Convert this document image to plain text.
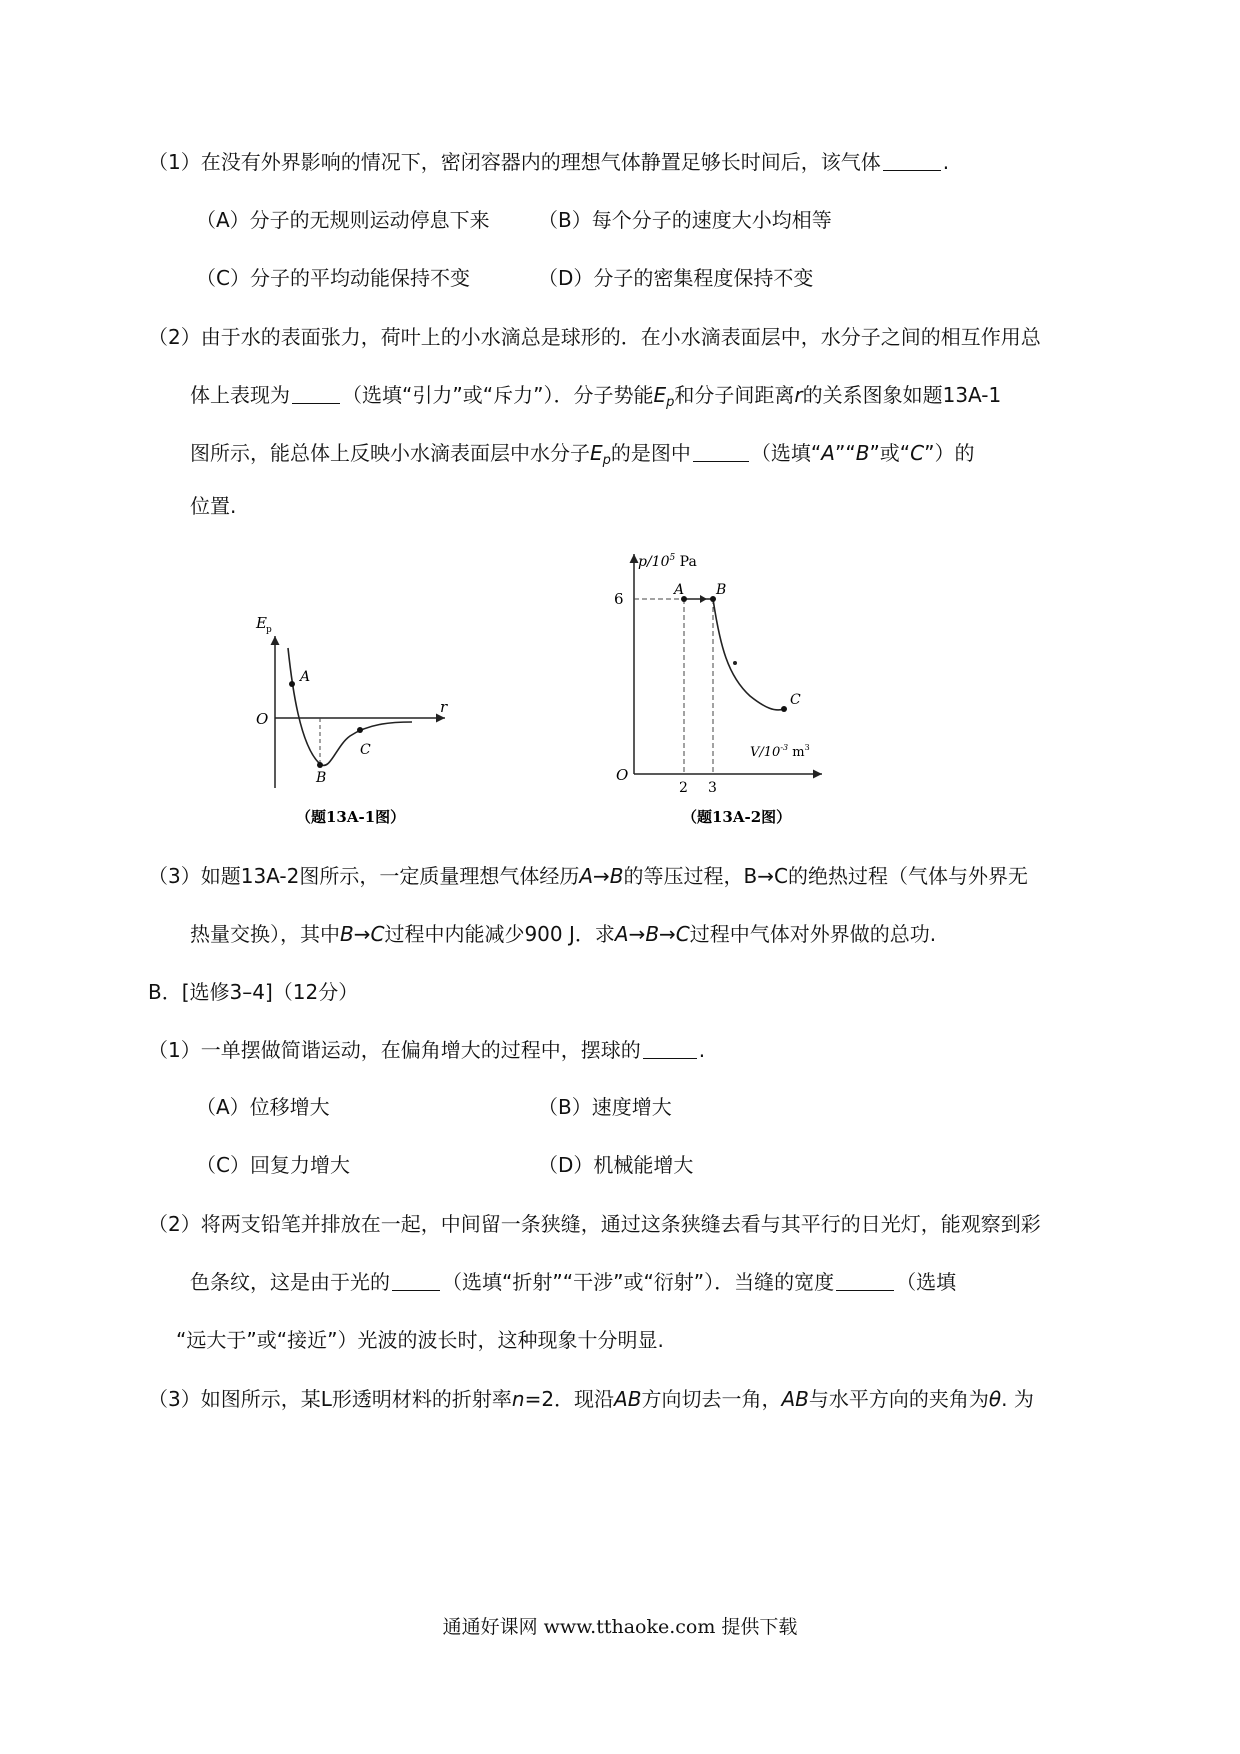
（1）在没有外界影响的情况下，密闭容器内的理想气体静置足够长时间后，该气体	.
（A）分子的无规则运动停息下来 （B）每个分子的速度大小均相等
（C）分子的平均动能保持不变	（D）分子的密集程度保持不变
（2）由于水的表面张力，荷叶上的小水滴总是球形的．在小水滴表面层中，水分子之间的相互作用总
体上表现为	（选填“引力”或“斥力”）．分子势能$E_p$和分子间距离r的关系图象如题13A-1
图所示，能总体上反映小水滴表面层中水分子$E_p$的是图中	（选填“A”“B”或“C”）的
位置.
E p
r
O
A
B
C
（题13A-1图）
$p/10^5$ Pa
6	A B
C
$V/10^{-3}$ $m^3$
O
2 3
（题13A-2图）
（3）如题13A-2图所示，一定质量理想气体经历A→B的等压过程，B→C的绝热过程（气体与外界无
热量交换），其中B→C过程中内能减少900 J．求A→B→C过程中气体对外界做的总功.
B．[选修3–4]（12分）
（1）一单摆做简谐运动，在偏角增大的过程中，摆球的	.
（A）位移增大	（B）速度增大
（C）回复力增大	（D）机械能增大
（2）将两支铅笔并排放在一起，中间留一条狭缝，通过这条狭缝去看与其平行的日光灯，能观察到彩
色条纹，这是由于光的	（选填“折射”“干涉”或“衍射”）．当缝的宽度	（选填
“远大于”或“接近”）光波的波长时，这种现象十分明显.
（3）如图所示，某L形透明材料的折射率n=2．现沿AB方向切去一角，AB与水平方向的夹角为θ. 为
通通好课网 www.tthaoke.com 提供下载
